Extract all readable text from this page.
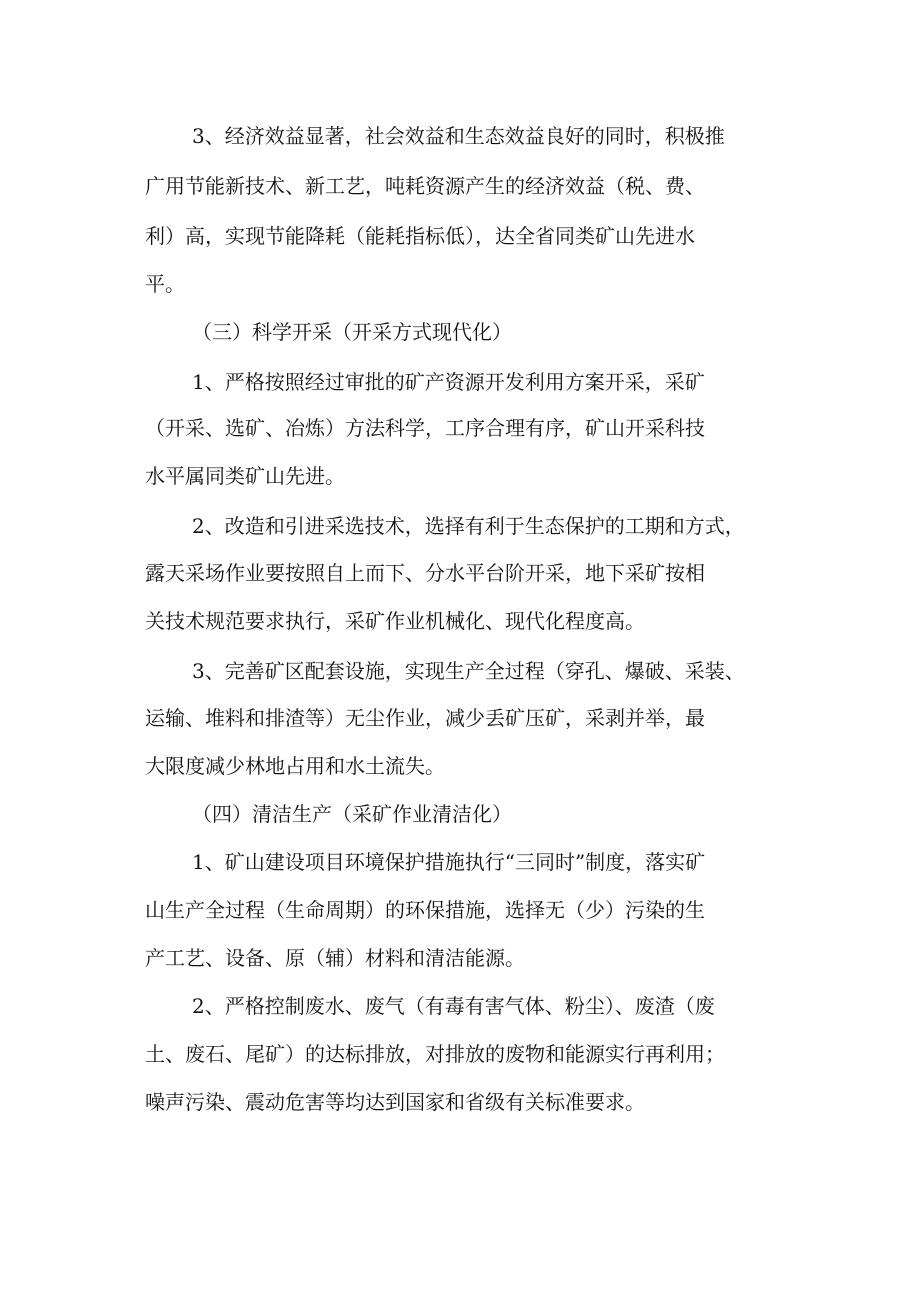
3、经济效益显著，社会效益和生态效益良好的同时，积极推
广用节能新技术、新工艺，吨耗资源产生的经济效益（税、费、
利）高，实现节能降耗（能耗指标低），达全省同类矿山先进水
平。
（三）科学开采（开采方式现代化）
1、严格按照经过审批的矿产资源开发利用方案开采，采矿
（开采、选矿、冶炼）方法科学，工序合理有序，矿山开采科技
水平属同类矿山先进。
2、改造和引进采选技术，选择有利于生态保护的工期和方式，
露天采场作业要按照自上而下、分水平台阶开采，地下采矿按相
关技术规范要求执行，采矿作业机械化、现代化程度高。
3、完善矿区配套设施，实现生产全过程（穿孔、爆破、采装、
运输、堆料和排渣等）无尘作业，减少丢矿压矿，采剥并举，最
大限度减少林地占用和水土流失。
（四）清洁生产（采矿作业清洁化）
1、矿山建设项目环境保护措施执行“三同时”制度，落实矿
山生产全过程（生命周期）的环保措施，选择无（少）污染的生
产工艺、设备、原（辅）材料和清洁能源。
2、严格控制废水、废气（有毒有害气体、粉尘）、废渣（废
土、废石、尾矿）的达标排放，对排放的废物和能源实行再利用；
噪声污染、震动危害等均达到国家和省级有关标准要求。
